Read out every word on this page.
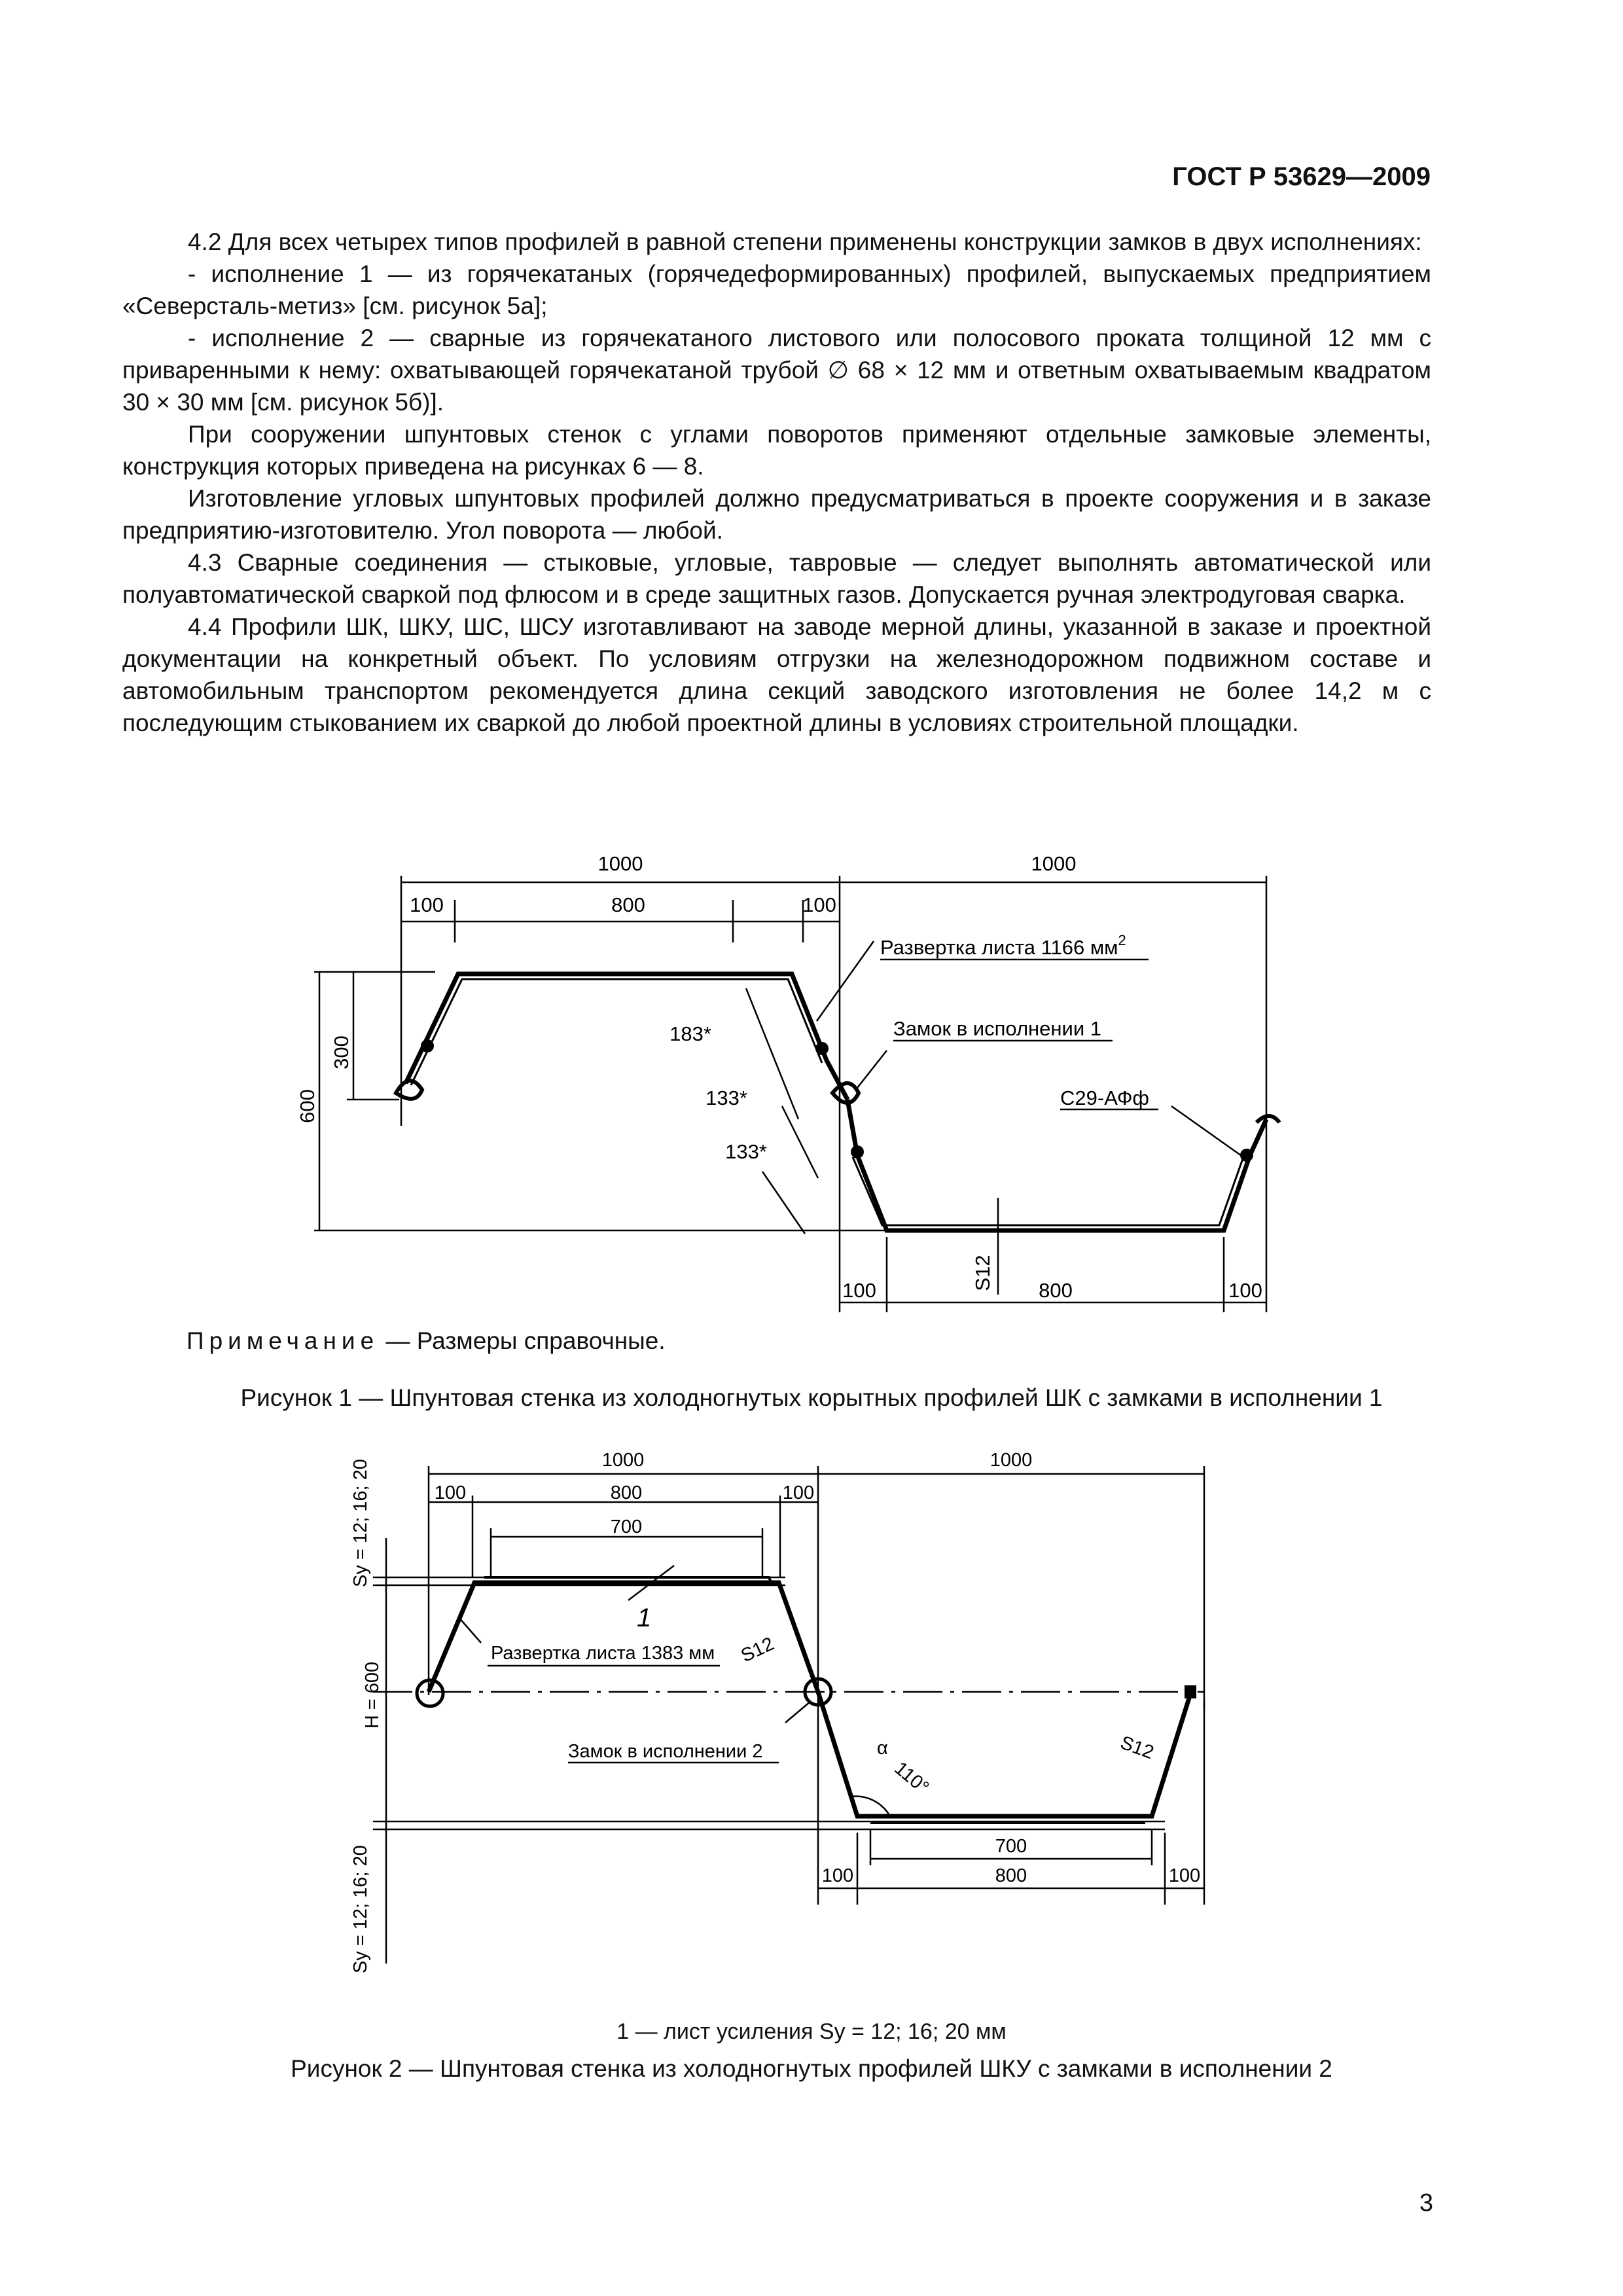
ГОСТ Р 53629—2009

4.2 Для всех четырех типов профилей в равной степени применены конструкции замков в двух исполнениях:

- исполнение 1 — из горячекатаных (горячедеформированных) профилей, выпускаемых предприятием «Северсталь-метиз» [см. рисунок 5а];

- исполнение 2 — сварные из горячекатаного листового или полосового проката толщиной 12 мм с приваренными к нему: охватывающей горячекатаной трубой ∅ 68 × 12 мм и ответным охватываемым квадратом 30 × 30 мм [см. рисунок 5б)].

При сооружении шпунтовых стенок с углами поворотов применяют отдельные замковые элементы, конструкция которых приведена на рисунках 6 — 8.

Изготовление угловых шпунтовых профилей должно предусматриваться в проекте сооружения и в заказе предприятию-изготовителю. Угол поворота — любой.

4.3 Сварные соединения — стыковые, угловые, тавровые — следует выполнять автоматической или полуавтоматической сваркой под флюсом и в среде защитных газов. Допускается ручная электродуговая сварка.

4.4 Профили ШК, ШКУ, ШС, ШСУ изготавливают на заводе мерной длины, указанной в заказе и проектной документации на конкретный объект. По условиям отгрузки на железнодорожном подвижном составе и автомобильным транспортом рекомендуется длина секций заводского изготовления не более 14,2 м с последующим стыкованием их сваркой до любой проектной длины в условиях строительной площадки.

1000	1000
100	800	100
183*
133*
133*
100	800	100
300
600
S12
Развертка листа 1166 $мм^2$
Замок в исполнении 1
С29-АФф
Примечание — Размеры справочные.
Рисунок 1 — Шпунтовая стенка из холодногнутых корытных профилей ШК с замками в исполнении 1
1000	1000
100	800	100
700
700
100	800	100
S12
S12
α
110°
Sy = 12; 16; 20
H = 600
Sy = 12; 16; 20
1
Развертка листа 1383 мм
Замок в исполнении 2
1 — лист усиления Sy = 12; 16; 20 мм
Рисунок 2 — Шпунтовая стенка из холодногнутых профилей ШКУ с замками в исполнении 2
3
